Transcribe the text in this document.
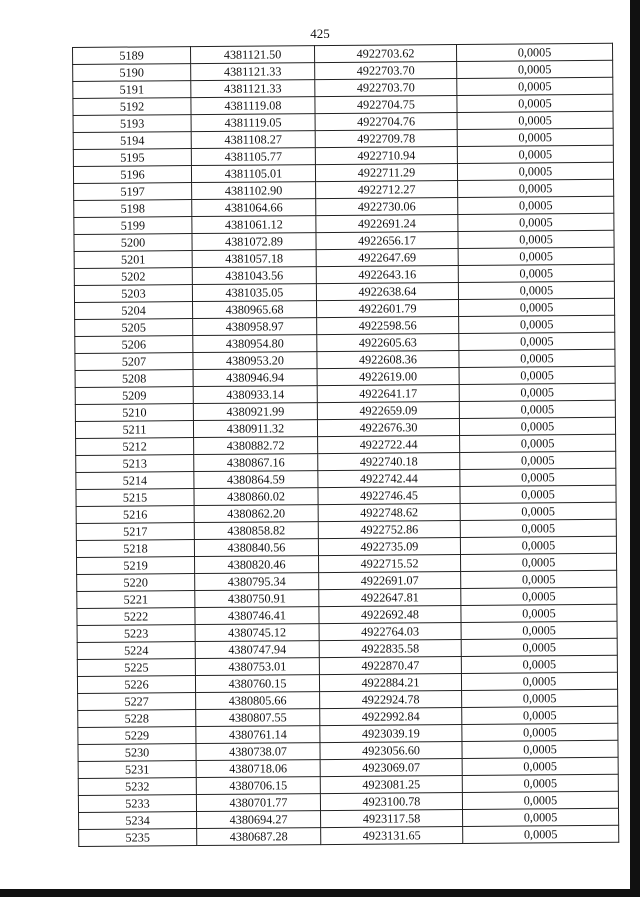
425
5189	4381121.50	4922703.62	0,0005
5190	4381121.33	4922703.70	0,0005
5191	4381121.33	4922703.70	0,0005
5192	4381119.08	4922704.75	0,0005
5193	4381119.05	4922704.76	0,0005
5194	4381108.27	4922709.78	0,0005
5195	4381105.77	4922710.94	0,0005
5196	4381105.01	4922711.29	0,0005
5197	4381102.90	4922712.27	0,0005
5198	4381064.66	4922730.06	0,0005
5199	4381061.12	4922691.24	0,0005
5200	4381072.89	4922656.17	0,0005
5201	4381057.18	4922647.69	0,0005
5202	4381043.56	4922643.16	0,0005
5203	4381035.05	4922638.64	0,0005
5204	4380965.68	4922601.79	0,0005
5205	4380958.97	4922598.56	0,0005
5206	4380954.80	4922605.63	0,0005
5207	4380953.20	4922608.36	0,0005
5208	4380946.94	4922619.00	0,0005
5209	4380933.14	4922641.17	0,0005
5210	4380921.99	4922659.09	0,0005
5211	4380911.32	4922676.30	0,0005
5212	4380882.72	4922722.44	0,0005
5213	4380867.16	4922740.18	0,0005
5214	4380864.59	4922742.44	0,0005
5215	4380860.02	4922746.45	0,0005
5216	4380862.20	4922748.62	0,0005
5217	4380858.82	4922752.86	0,0005
5218	4380840.56	4922735.09	0,0005
5219	4380820.46	4922715.52	0,0005
5220	4380795.34	4922691.07	0,0005
5221	4380750.91	4922647.81	0,0005
5222	4380746.41	4922692.48	0,0005
5223	4380745.12	4922764.03	0,0005
5224	4380747.94	4922835.58	0,0005
5225	4380753.01	4922870.47	0,0005
5226	4380760.15	4922884.21	0,0005
5227	4380805.66	4922924.78	0,0005
5228	4380807.55	4922992.84	0,0005
5229	4380761.14	4923039.19	0,0005
5230	4380738.07	4923056.60	0,0005
5231	4380718.06	4923069.07	0,0005
5232	4380706.15	4923081.25	0,0005
5233	4380701.77	4923100.78	0,0005
5234	4380694.27	4923117.58	0,0005
5235	4380687.28	4923131.65	0,0005
